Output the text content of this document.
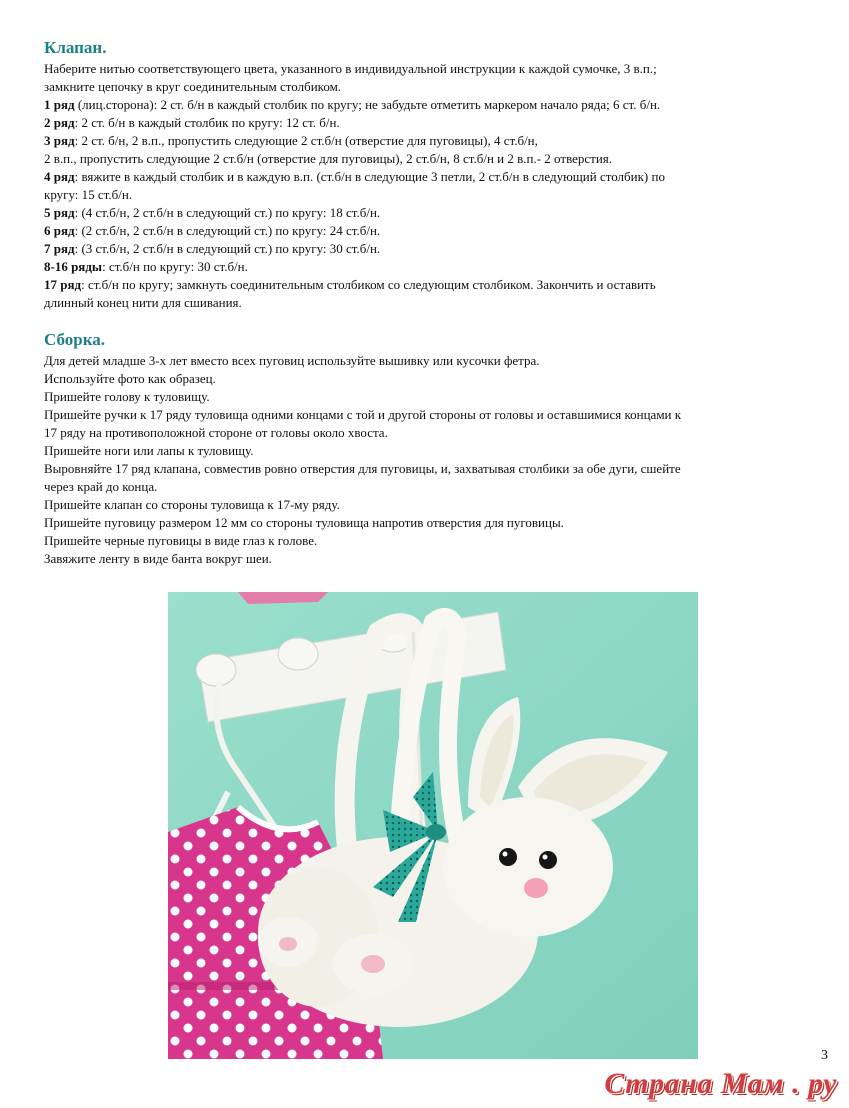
Клапан.
Наберите нитью соответствующего цвета, указанного в индивидуальной инструкции к каждой сумочке, 3 в.п.;
замкните цепочку в круг соединительным столбиком.
1 ряд (лиц.сторона): 2 ст. б/н в каждый столбик по кругу; не забудьте отметить маркером начало ряда; 6 ст. б/н.
2 ряд: 2 ст. б/н в каждый столбик по кругу: 12 ст. б/н.
3 ряд: 2 ст. б/н, 2 в.п., пропустить следующие 2 ст.б/н (отверстие для пуговицы), 4 ст.б/н,
2 в.п., пропустить следующие 2 ст.б/н (отверстие для пуговицы), 2 ст.б/н, 8 ст.б/н и 2 в.п.- 2 отверстия.
4 ряд: вяжите в каждый столбик и в каждую в.п. (ст.б/н в следующие 3 петли, 2 ст.б/н в следующий столбик) по
кругу: 15 ст.б/н.
5 ряд: (4 ст.б/н, 2 ст.б/н в следующий ст.) по кругу: 18 ст.б/н.
6 ряд: (2 ст.б/н, 2 ст.б/н в следующий ст.) по кругу: 24 ст.б/н.
7 ряд: (3 ст.б/н, 2 ст.б/н в следующий ст.) по кругу: 30 ст.б/н.
8-16 ряды: ст.б/н по кругу: 30 ст.б/н.
17 ряд: ст.б/н по кругу; замкнуть соединительным столбиком со следующим столбиком. Закончить и оставить
длинный конец нити для сшивания.
Сборка.
Для детей младше 3-х лет вместо всех пуговиц используйте вышивку или кусочки фетра.
Используйте фото как образец.
Пришейте голову к туловищу.
Пришейте ручки к 17 ряду туловища одними концами с той и другой стороны от головы и оставшимися концами к
17 ряду на противоположной стороне от головы около хвоста.
Пришейте ноги или лапы к туловищу.
Выровняйте 17 ряд клапана, совместив ровно отверстия для пуговицы, и, захватывая столбики за обе дуги, сшейте
через край до конца.
Пришейте клапан со стороны туловища к 17-му ряду.
Пришейте пуговицу размером 12 мм со стороны туловища напротив отверстия для пуговицы.
Пришейте черные пуговицы в виде глаз к голове.
Завяжите ленту в виде банта вокруг шеи.
3
Страна Мам . ру
